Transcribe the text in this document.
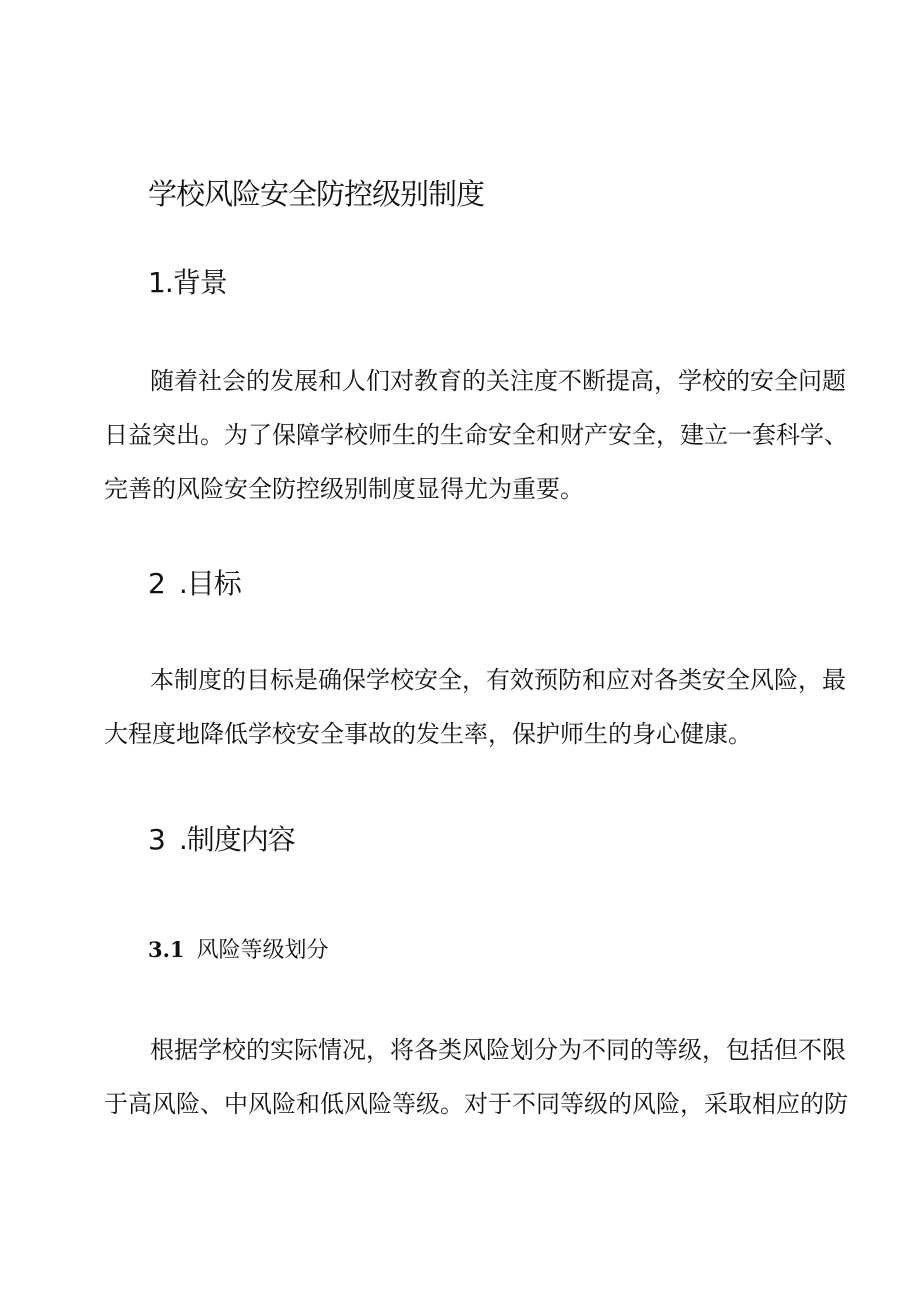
学校风险安全防控级别制度
1.背景
随着社会的发展和人们对教育的关注度不断提高，学校的安全问题
日益突出。为了保障学校师生的生命安全和财产安全，建立一套科学、
完善的风险安全防控级别制度显得尤为重要。
2 .目标
本制度的目标是确保学校安全，有效预防和应对各类安全风险，最
大程度地降低学校安全事故的发生率，保护师生的身心健康。
3 .制度内容
3.1 风险等级划分
根据学校的实际情况，将各类风险划分为不同的等级，包括但不限
于高风险、中风险和低风险等级。对于不同等级的风险，采取相应的防
